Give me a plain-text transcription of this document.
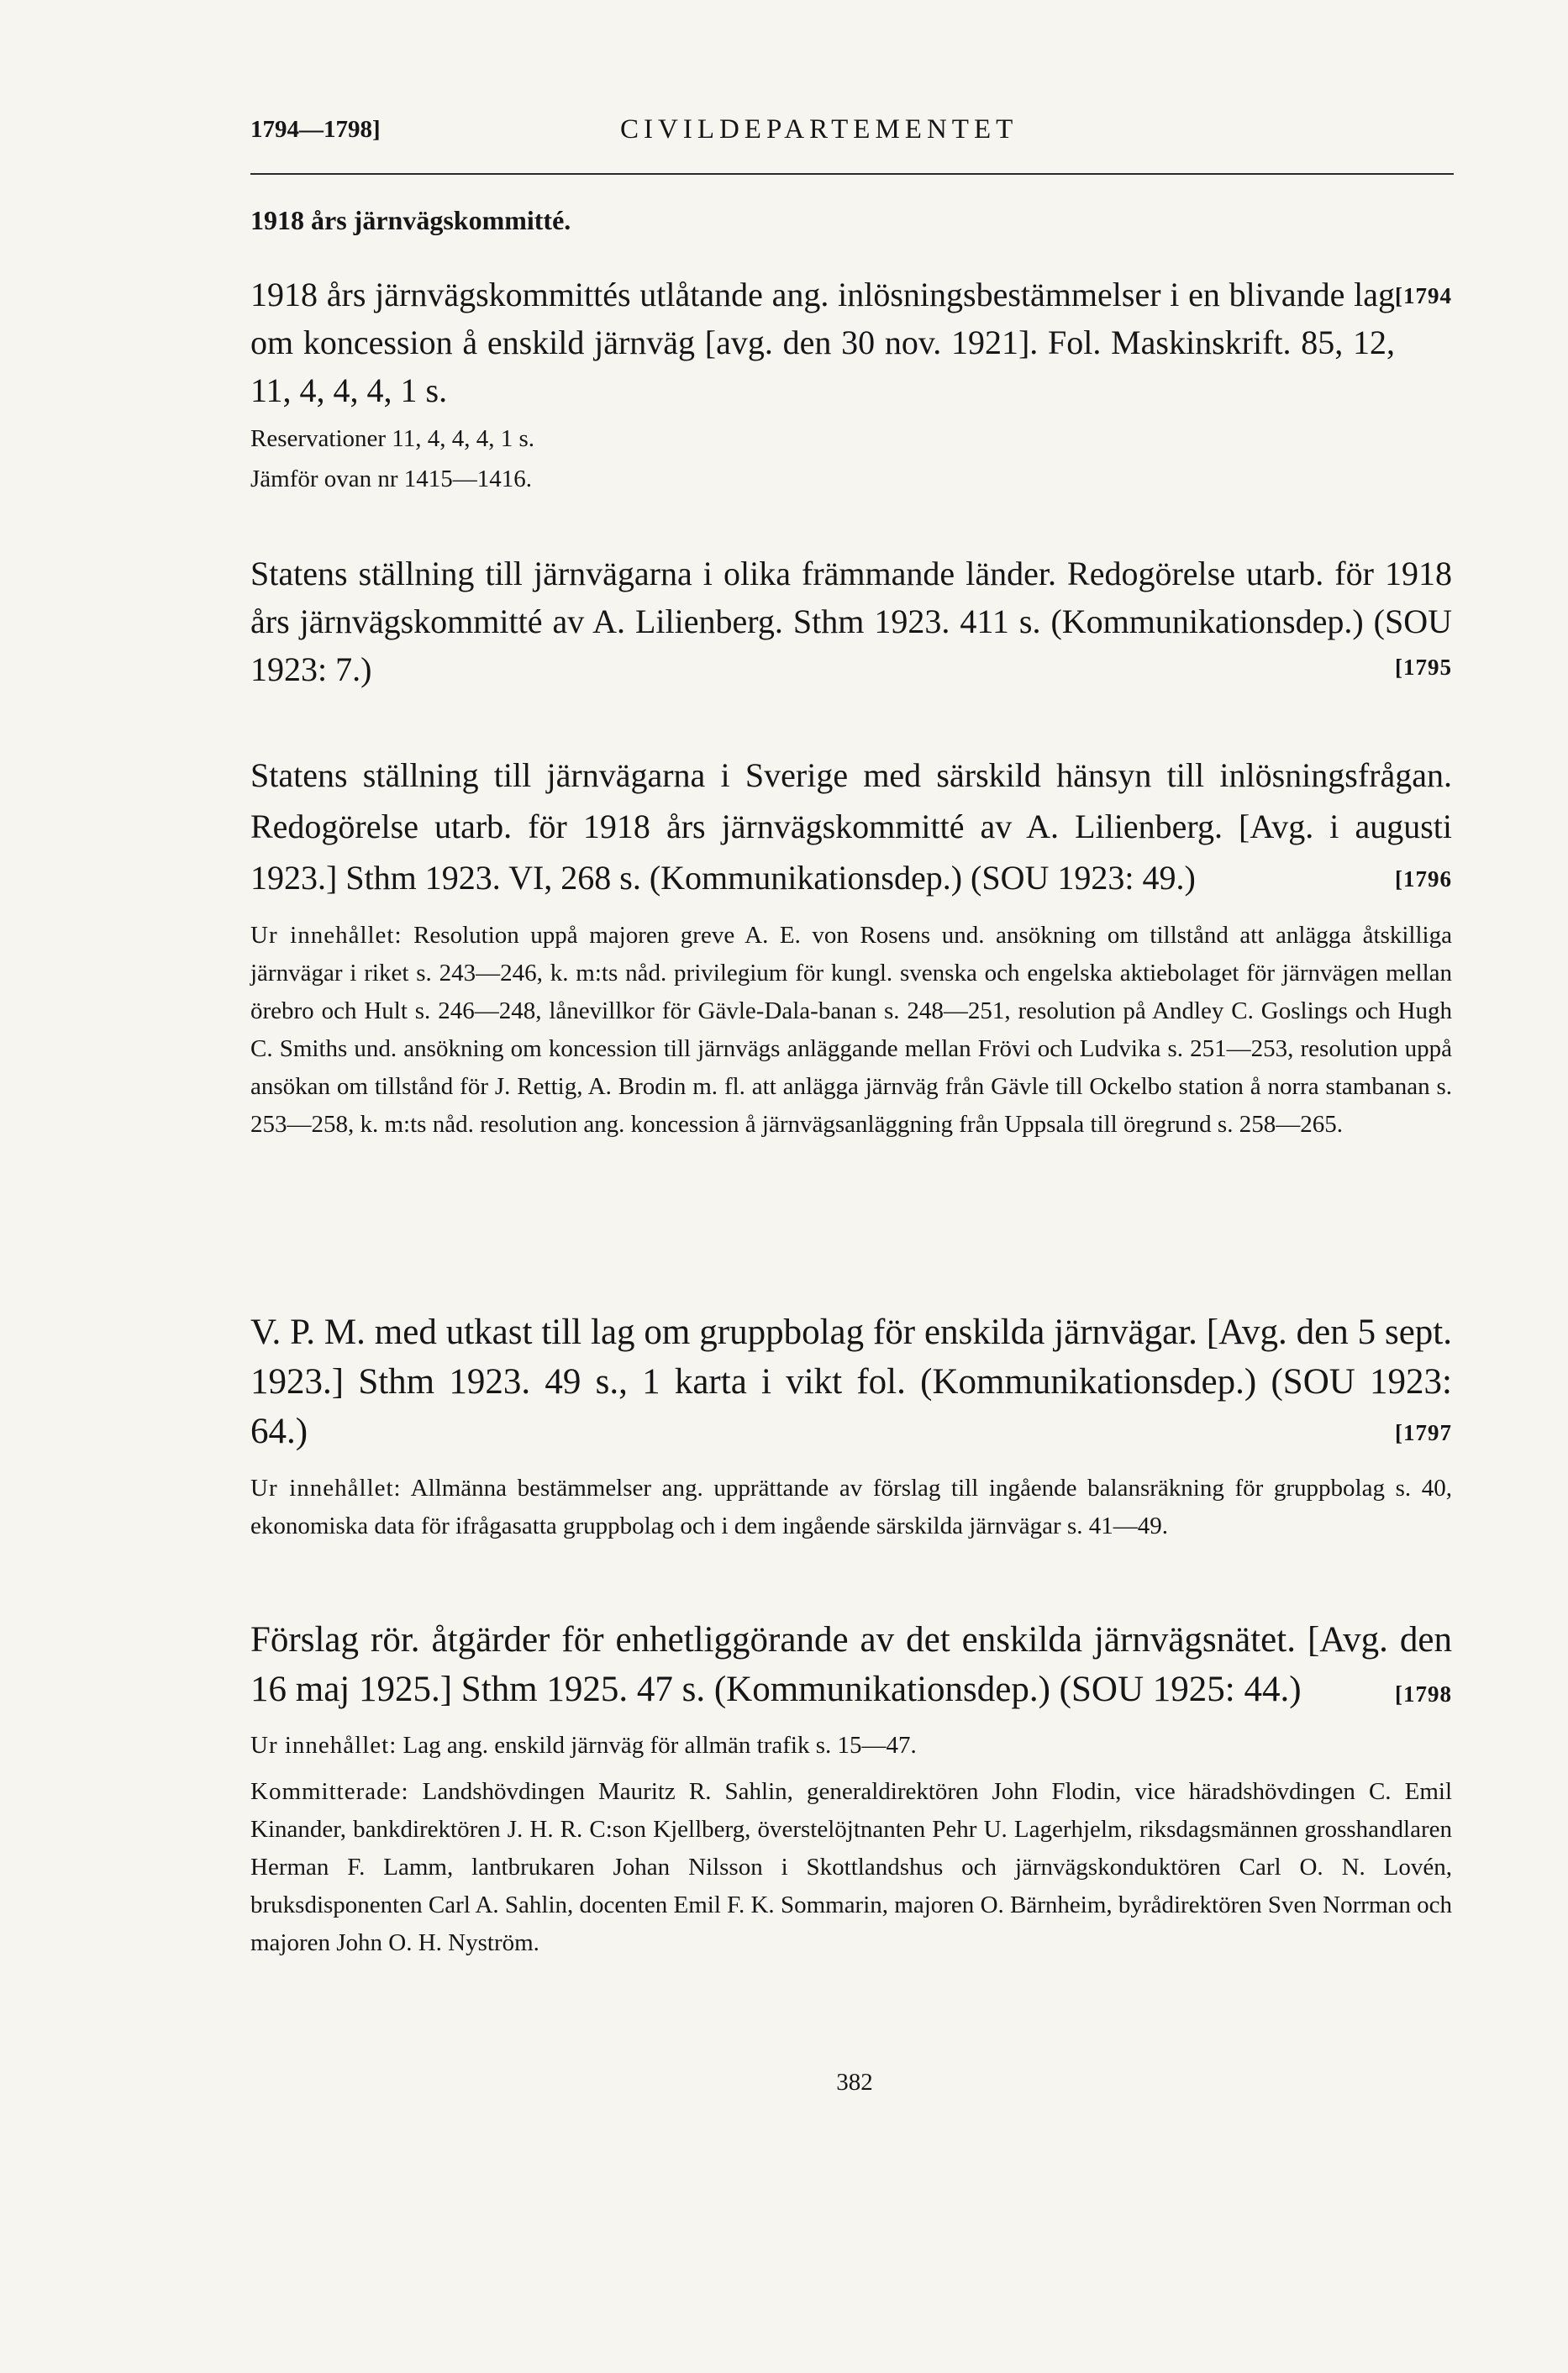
1794—1798]	CIVILDEPARTEMENTET
1918 års järnvägskommitté.
[1794
1918 års järnvägskommittés utlåtande ang. inlösningsbestämmelser i en blivande lag om koncession å enskild järnväg [avg. den 30 nov. 1921]. Fol. Maskinskrift. 85, 12, 11, 4, 4, 4, 1 s.
Reservationer 11, 4, 4, 4, 1 s.
Jämför ovan nr 1415—1416.
Statens ställning till järnvägarna i olika främmande länder. Redogörelse utarb. för 1918 års järnvägskommitté av A. Lilienberg. Sthm 1923. 411 s. (Kommunikationsdep.) (SOU 1923: 7.)	[1795
Statens ställning till järnvägarna i Sverige med särskild hänsyn till inlösningsfrågan. Redogörelse utarb. för 1918 års järnvägskommitté av A. Lilienberg. [Avg. i augusti 1923.] Sthm 1923. VI, 268 s. (Kommunikationsdep.) (SOU 1923: 49.)	[1796
Ur innehållet: Resolution uppå majoren greve A. E. von Rosens und. ansökning om tillstånd att anlägga åtskilliga järnvägar i riket s. 243—246, k. m:ts nåd. privilegium för kungl. svenska och engelska aktiebolaget för järnvägen mellan örebro och Hult s. 246—248, lånevillkor för Gävle-Dala-banan s. 248—251, resolution på Andley C. Goslings och Hugh C. Smiths und. ansökning om koncession till järnvägs anläggande mellan Frövi och Ludvika s. 251—253, resolution uppå ansökan om tillstånd för J. Rettig, A. Brodin m. fl. att anlägga järnväg från Gävle till Ockelbo station å norra stambanan s. 253—258, k. m:ts nåd. resolution ang. koncession å järnvägsanläggning från Uppsala till öregrund s. 258—265.
V. P. M. med utkast till lag om gruppbolag för enskilda järnvägar. [Avg. den 5 sept. 1923.] Sthm 1923. 49 s., 1 karta i vikt fol. (Kommunikationsdep.) (SOU 1923: 64.)	[1797
Ur innehållet: Allmänna bestämmelser ang. upprättande av förslag till ingående balansräkning för gruppbolag s. 40, ekonomiska data för ifrågasatta gruppbolag och i dem ingående särskilda järnvägar s. 41—49.
Förslag rör. åtgärder för enhetliggörande av det enskilda järnvägsnätet. [Avg. den 16 maj 1925.] Sthm 1925. 47 s. (Kommunikationsdep.) (SOU 1925: 44.)	[1798
Ur innehållet: Lag ang. enskild järnväg för allmän trafik s. 15—47.
Kommitterade: Landshövdingen Mauritz R. Sahlin, generaldirektören John Flodin, vice häradshövdingen C. Emil Kinander, bankdirektören J. H. R. C:son Kjellberg, överstelöjtnanten Pehr U. Lagerhjelm, riksdagsmännen grosshandlaren Herman F. Lamm, lantbrukaren Johan Nilsson i Skottlandshus och järnvägskonduktören Carl O. N. Lovén, bruksdisponenten Carl A. Sahlin, docenten Emil F. K. Sommarin, majoren O. Bärnheim, byrådirektören Sven Norrman och majoren John O. H. Nyström.
382
